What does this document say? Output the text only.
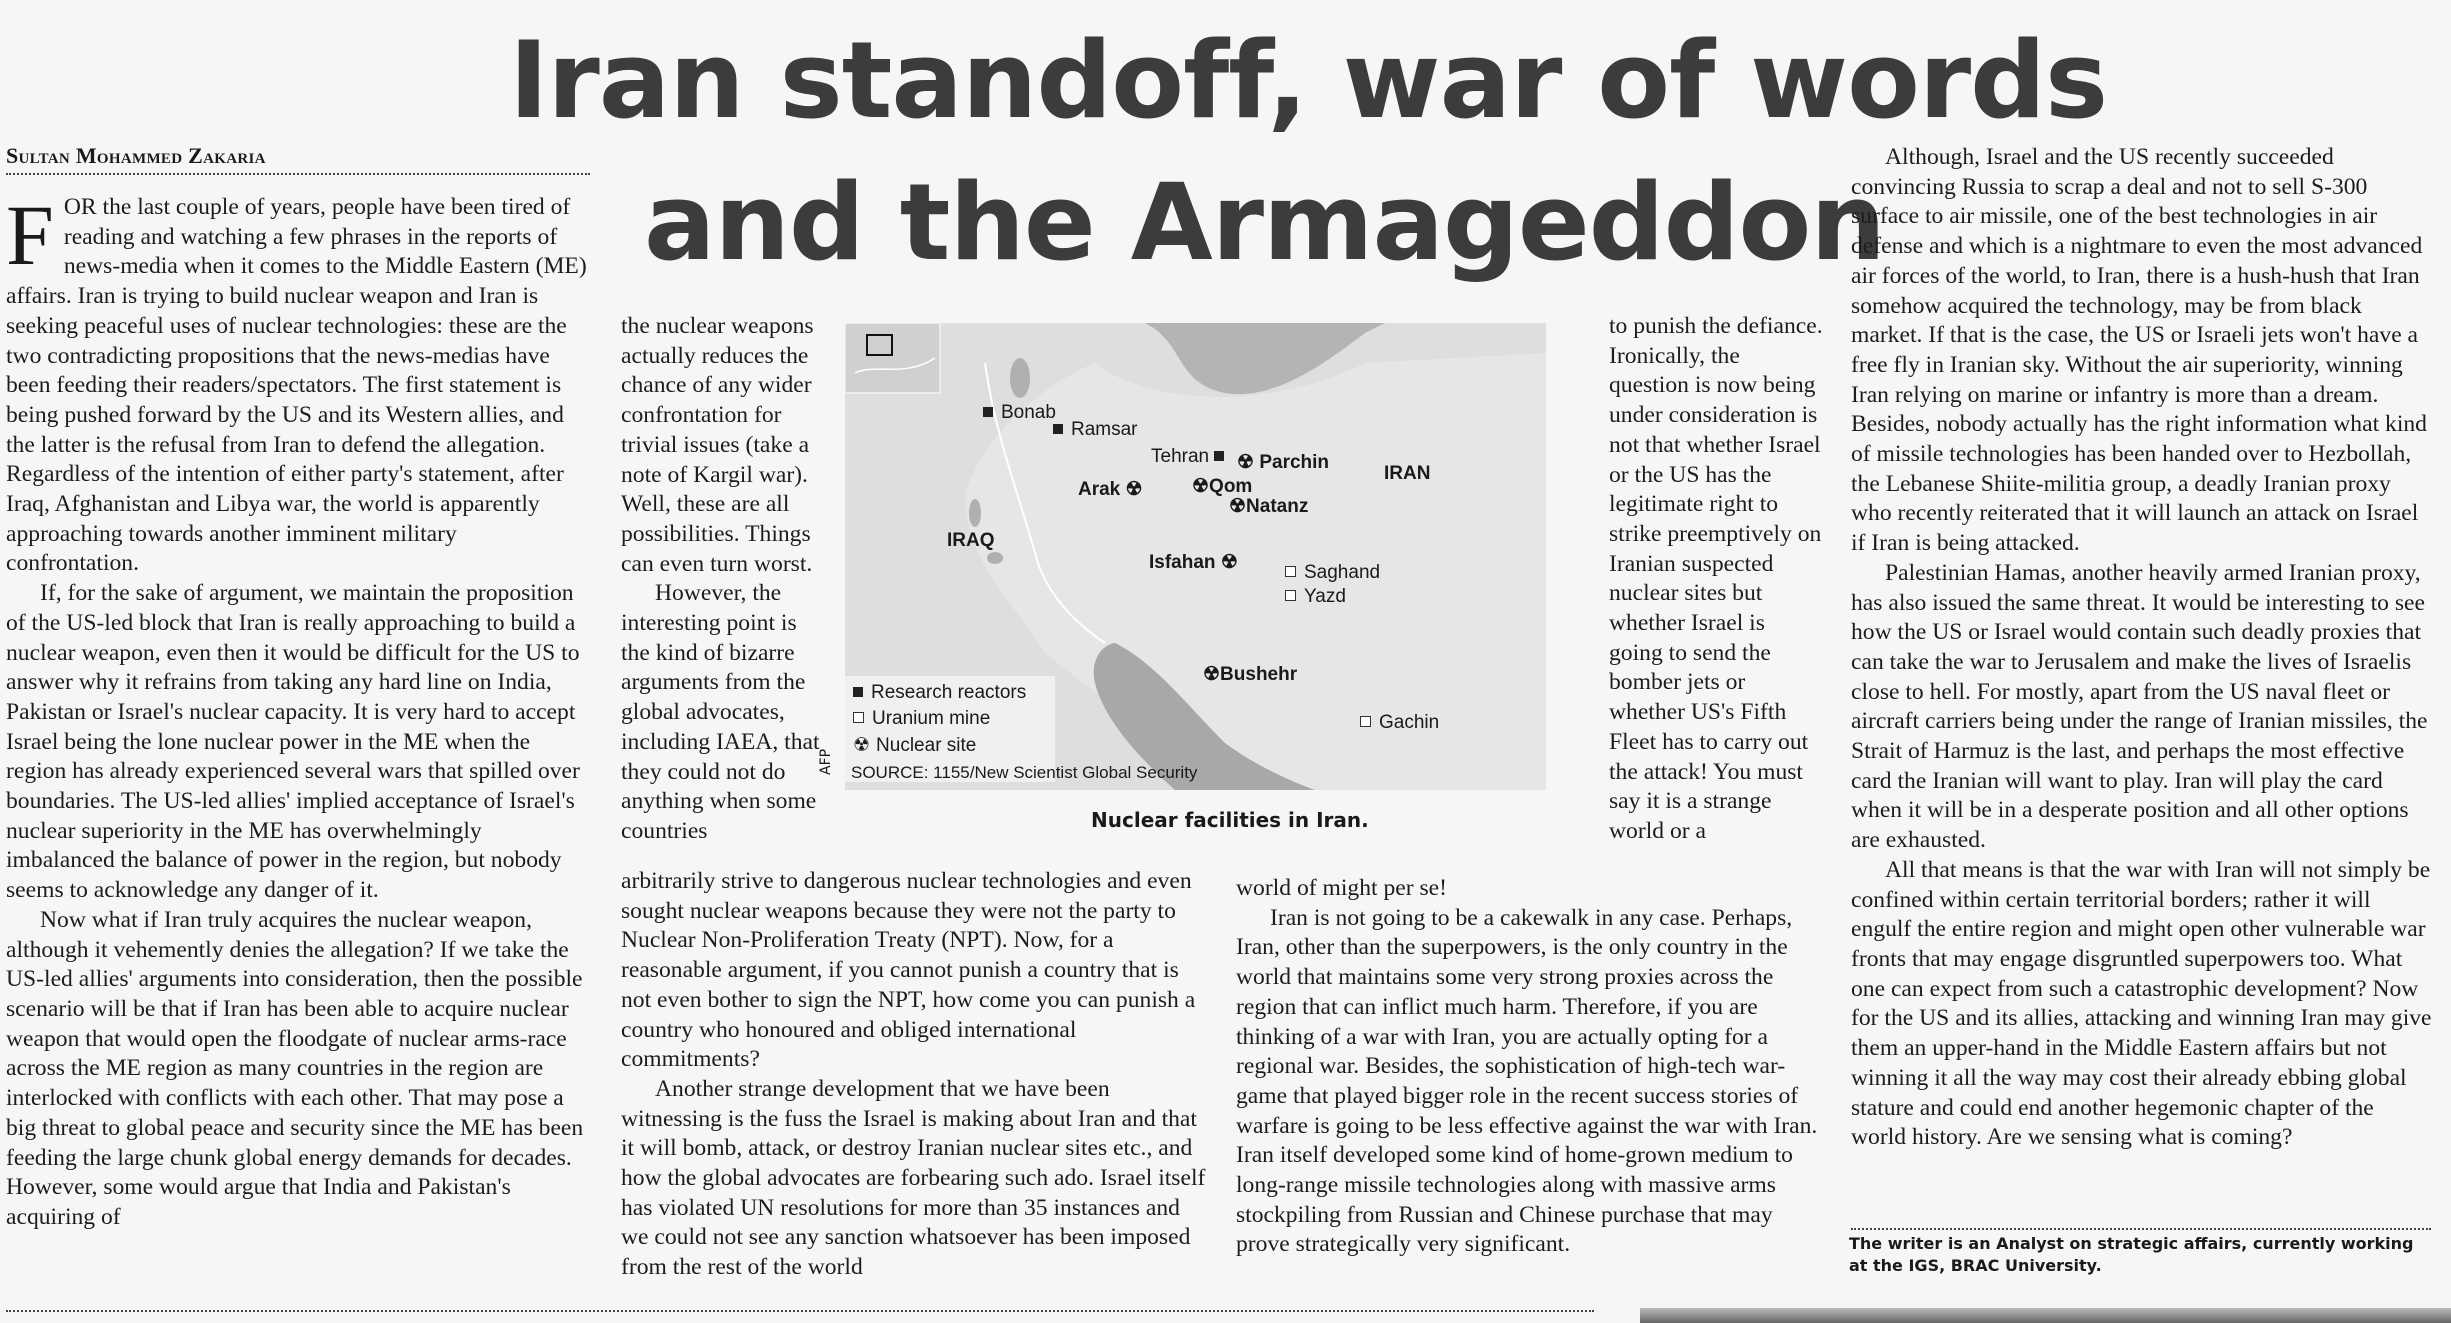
Iran standoff, war of words
and the Armageddon
Sultan Mohammed Zakaria

FOR the last couple of years, people have been tired of reading and watching a few phrases in the reports of news-media when it comes to the Middle Eastern (ME) affairs. Iran is trying to build nuclear weapon and Iran is seeking peaceful uses of nuclear technologies: these are the two contradicting propositions that the news-medias have been feeding their readers/spectators. The first statement is being pushed forward by the US and its Western allies, and the latter is the refusal from Iran to defend the allegation. Regardless of the intention of either party's statement, after Iraq, Afghanistan and Libya war, the world is apparently approaching towards another imminent military confrontation.

If, for the sake of argument, we maintain the proposition of the US-led block that Iran is really approaching to build a nuclear weapon, even then it would be difficult for the US to answer why it refrains from taking any hard line on India, Pakistan or Israel's nuclear capacity. It is very hard to accept Israel being the lone nuclear power in the ME when the region has already experienced several wars that spilled over boundaries. The US-led allies' implied acceptance of Israel's nuclear superiority in the ME has overwhelmingly imbalanced the balance of power in the region, but nobody seems to acknowledge any danger of it.

Now what if Iran truly acquires the nuclear weapon, although it vehemently denies the allegation? If we take the US-led allies' arguments into consideration, then the possible scenario will be that if Iran has been able to acquire nuclear weapon that would open the floodgate of nuclear arms-race across the ME region as many countries in the region are interlocked with conflicts with each other. That may pose a big threat to global peace and security since the ME has been feeding the large chunk global energy demands for decades. However, some would argue that India and Pakistan's acquiring of

the nuclear weapons actually reduces the chance of any wider confrontation for trivial issues (take a note of Kargil war). Well, these are all possibilities. Things can even turn worst.

However, the interesting point is the kind of bizarre arguments from the global advocates, including IAEA, that they could not do anything when some countries

arbitrarily strive to dangerous nuclear technologies and even sought nuclear weapons because they were not the party to Nuclear Non-Proliferation Treaty (NPT). Now, for a reasonable argument, if you cannot punish a country that is not even bother to sign the NPT, how come you can punish a country who honoured and obliged international commitments?

Another strange development that we have been witnessing is the fuss the Israel is making about Iran and that it will bomb, attack, or destroy Iranian nuclear sites etc., and how the global advocates are forbearing such ado. Israel itself has violated UN resolutions for more than 35 instances and we could not see any sanction whatsoever has been imposed from the rest of the world

to punish the defiance. Ironically, the question is now being under consideration is not that whether Israel or the US has the legitimate right to strike preemptively on Iranian suspected nuclear sites but whether Israel is going to send the bomber jets or whether US's Fifth Fleet has to carry out the attack! You must say it is a strange world or a

world of might per se!

Iran is not going to be a cakewalk in any case. Perhaps, Iran, other than the superpowers, is the only country in the world that maintains some very strong proxies across the region that can inflict much harm. Therefore, if you are thinking of a war with Iran, you are actually opting for a regional war. Besides, the sophistication of high-tech war-game that played bigger role in the recent success stories of warfare is going to be less effective against the war with Iran. Iran itself developed some kind of home-grown medium to long-range missile technologies along with massive arms stockpiling from Russian and Chinese purchase that may prove strategically very significant.

Although, Israel and the US recently succeeded convincing Russia to scrap a deal and not to sell S-300 surface to air missile, one of the best technologies in air defense and which is a nightmare to even the most advanced air forces of the world, to Iran, there is a hush-hush that Iran somehow acquired the technology, may be from black market. If that is the case, the US or Israeli jets won't have a free fly in Iranian sky. Without the air superiority, winning Iran relying on marine or infantry is more than a dream. Besides, nobody actually has the right information what kind of missile technologies has been handed over to Hezbollah, the Lebanese Shiite-militia group, a deadly Iranian proxy who recently reiterated that it will launch an attack on Israel if Iran is being attacked.

Palestinian Hamas, another heavily armed Iranian proxy, has also issued the same threat. It would be interesting to see how the US or Israel would contain such deadly proxies that can take the war to Jerusalem and make the lives of Israelis close to hell. For mostly, apart from the US naval fleet or aircraft carriers being under the range of Iranian missiles, the Strait of Harmuz is the last, and perhaps the most effective card the Iranian will want to play. Iran will play the card when it will be in a desperate position and all other options are exhausted.

All that means is that the war with Iran will not simply be confined within certain territorial borders; rather it will engulf the entire region and might open other vulnerable war fronts that may engage disgruntled superpowers too. What one can expect from such a catastrophic development? Now for the US and its allies, attacking and winning Iran may give them an upper-hand in the Middle Eastern affairs but not winning it all the way may cost their already ebbing global stature and could end another hegemonic chapter of the world history. Are we sensing what is coming?

The writer is an Analyst on strategic affairs, currently working at the IGS, BRAC University.
Bonab
Ramsar
Tehran	☢ Parchin
☢Qom
Arak ☢
☢Natanz
IRAN
IRAQ
Isfahan ☢	Saghand
Yazd
☢Bushehr
Gachin
Research reactors
Uranium mine
☢ Nuclear site
SOURCE: 1155/New Scientist Global Security
AFP
Nuclear facilities in Iran.
